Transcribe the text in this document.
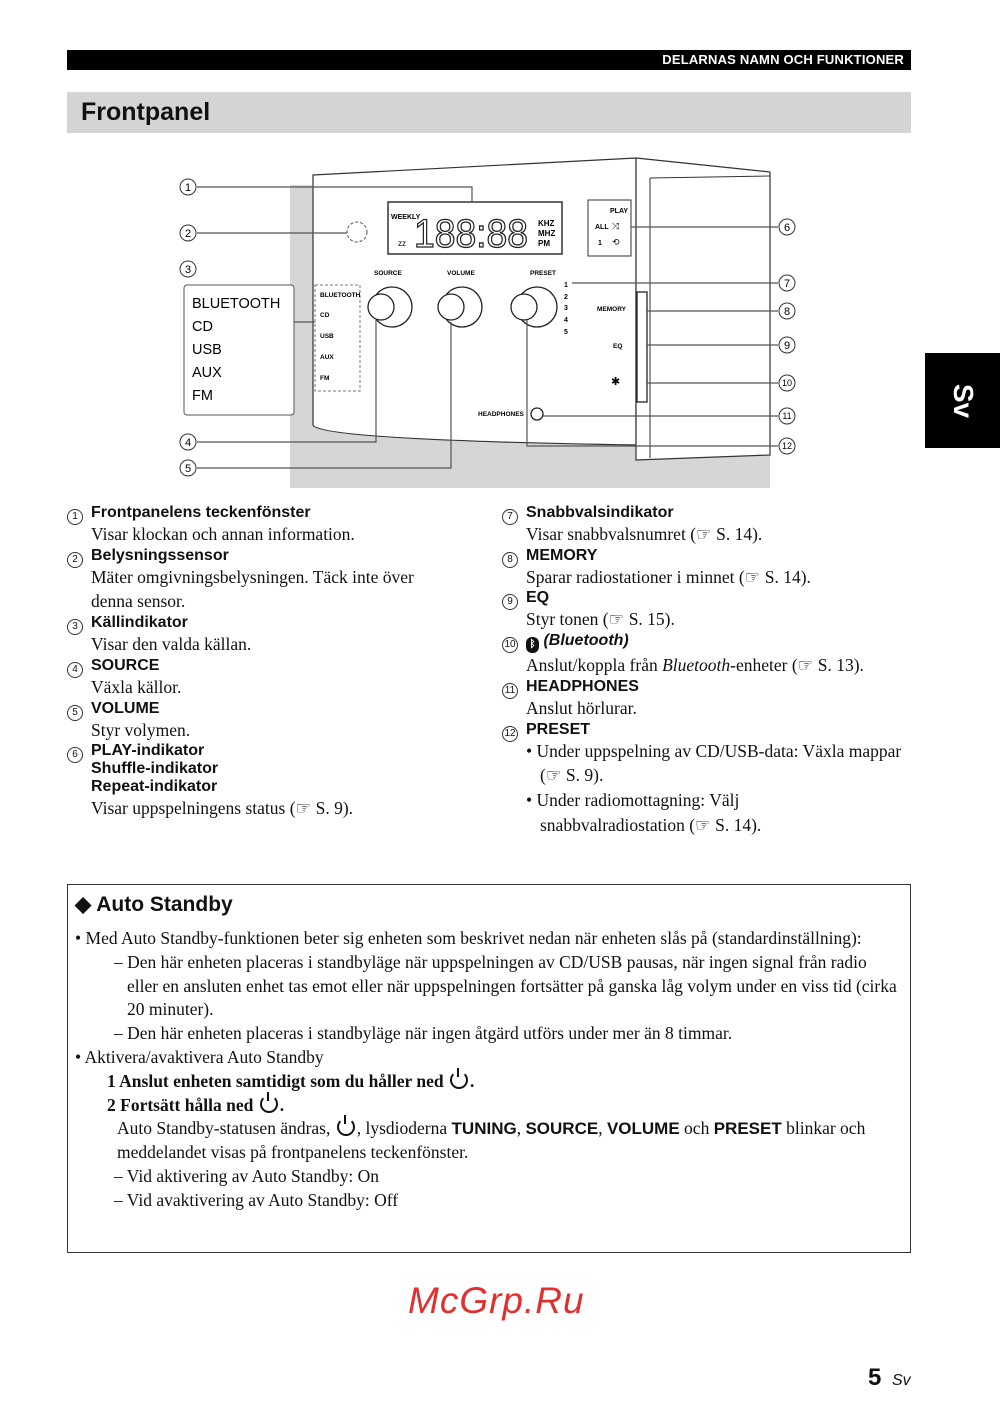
DELARNAS NAMN OCH FUNKTIONER
Frontpanel
Sv
WEEKLY
zz 188:88 KHZ
MHZ
PM
PLAY
ALL
1
⤨
⟲
BLUETOOTH
CD
USB
AUX
FM
SOURCE	VOLUME	PRESET
MEMORY
EQ
HEADPHONES
1
2
3
4
5
✱
BLUETOOTH
CD
USB
AUX
FM
1
2
3
4
5
6
7
8
9
10
11
12
1 Frontpanelens teckenfönster
Visar klockan och annan information.
2 Belysningssensor
Mäter omgivningsbelysningen. Täck inte över denna sensor.
3 Källindikator
Visar den valda källan.
4 SOURCE
Växla källor.
5 VOLUME
Styr volymen.
6 PLAY-indikator
Shuffle-indikator
Repeat-indikator
Visar uppspelningens status (☞ S. 9).
7 Snabbvalsindikator
Visar snabbvalsnumret (☞ S. 14).
8 MEMORY
Sparar radiostationer i minnet (☞ S. 14).
9 EQ
Styr tonen (☞ S. 15).
10	ᛒ (Bluetooth)
Anslut/koppla från Bluetooth-enheter (☞ S. 13).
11 HEADPHONES
Anslut hörlurar.
12 PRESET
• Under uppspelning av CD/USB-data: Växla mappar (☞ S. 9).
• Under radiomottagning: Välj snabbvalradiostation (☞ S. 14).
◆ Auto Standby
• Med Auto Standby-funktionen beter sig enheten som beskrivet nedan när enheten slås på (standardinställning):
– Den här enheten placeras i standbyläge när uppspelningen av CD/USB pausas, när ingen signal från radio eller en ansluten enhet tas emot eller när uppspelningen fortsätter på ganska låg volym under en viss tid (cirka 20 minuter).
– Den här enheten placeras i standbyläge när ingen åtgärd utförs under mer än 8 timmar.
• Aktivera/avaktivera Auto Standby
1 Anslut enheten samtidigt som du håller ned .
2 Fortsätt hålla ned .
Auto Standby-statusen ändras, , lysdioderna TUNING, SOURCE, VOLUME och PRESET blinkar och meddelandet visas på frontpanelens teckenfönster.
– Vid aktivering av Auto Standby: On
– Vid avaktivering av Auto Standby: Off
McGrp.Ru
5 Sv
